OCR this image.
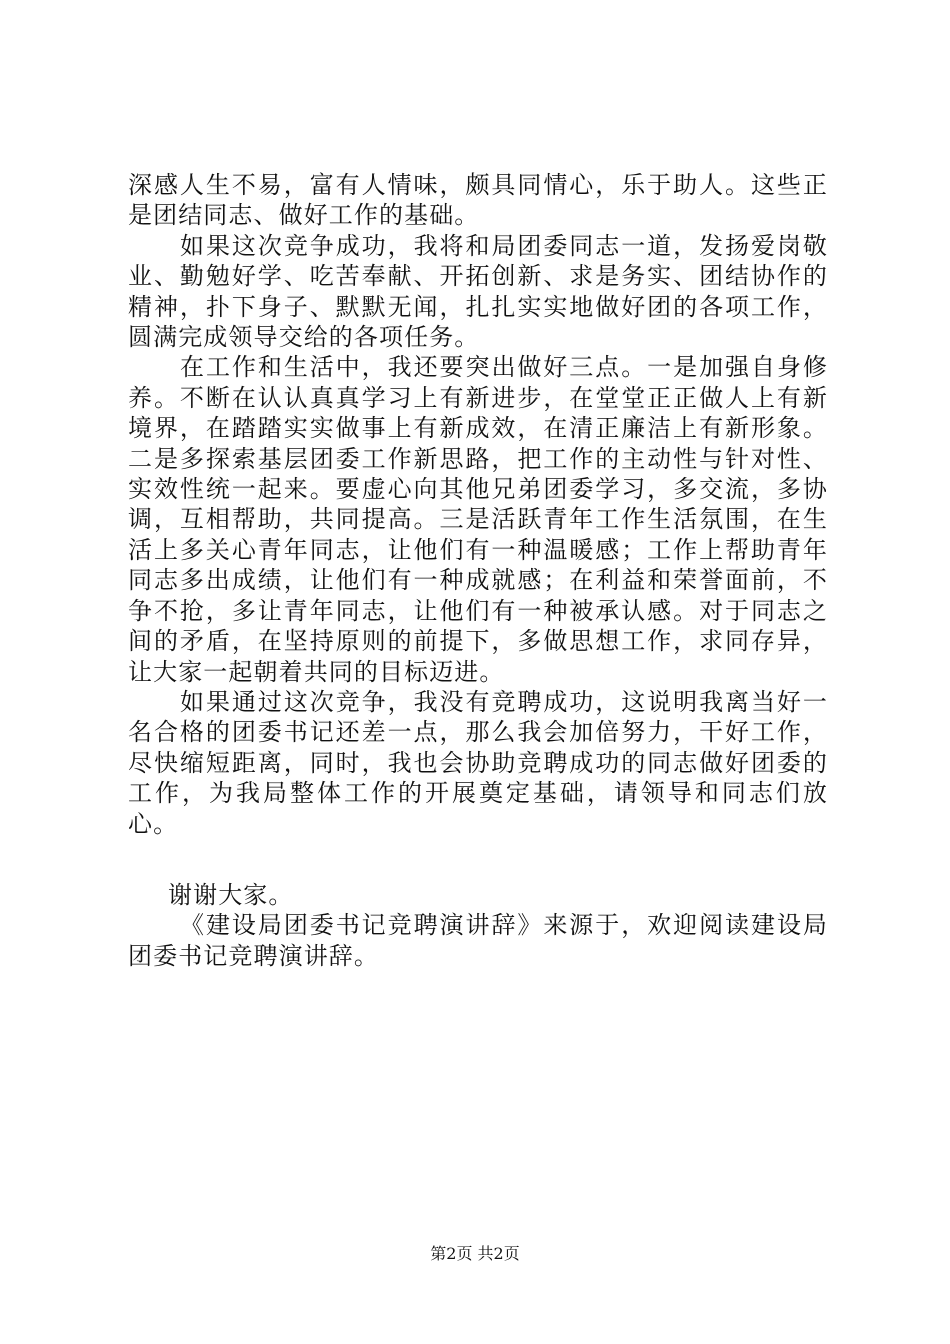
深感人生不易，富有人情味，颇具同情心，乐于助人。这些正是团结同志、做好工作的基础。

如果这次竞争成功，我将和局团委同志一道，发扬爱岗敬业、勤勉好学、吃苦奉献、开拓创新、求是务实、团结协作的精神，扑下身子、默默无闻，扎扎实实地做好团的各项工作，圆满完成领导交给的各项任务。

在工作和生活中，我还要突出做好三点。一是加强自身修养。不断在认认真真学习上有新进步，在堂堂正正做人上有新境界，在踏踏实实做事上有新成效，在清正廉洁上有新形象。二是多探索基层团委工作新思路，把工作的主动性与针对性、实效性统一起来。要虚心向其他兄弟团委学习，多交流，多协调，互相帮助，共同提高。三是活跃青年工作生活氛围，在生活上多关心青年同志，让他们有一种温暖感；工作上帮助青年同志多出成绩，让他们有一种成就感；在利益和荣誉面前，不争不抢，多让青年同志，让他们有一种被承认感。对于同志之间的矛盾，在坚持原则的前提下，多做思想工作，求同存异，让大家一起朝着共同的目标迈进。

如果通过这次竞争，我没有竞聘成功，这说明我离当好一名合格的团委书记还差一点，那么我会加倍努力，干好工作，尽快缩短距离，同时，我也会协助竞聘成功的同志做好团委的工作，为我局整体工作的开展奠定基础，请领导和同志们放心。

谢谢大家。

《建设局团委书记竞聘演讲辞》来源于，欢迎阅读建设局团委书记竞聘演讲辞。

第2页 共2页
